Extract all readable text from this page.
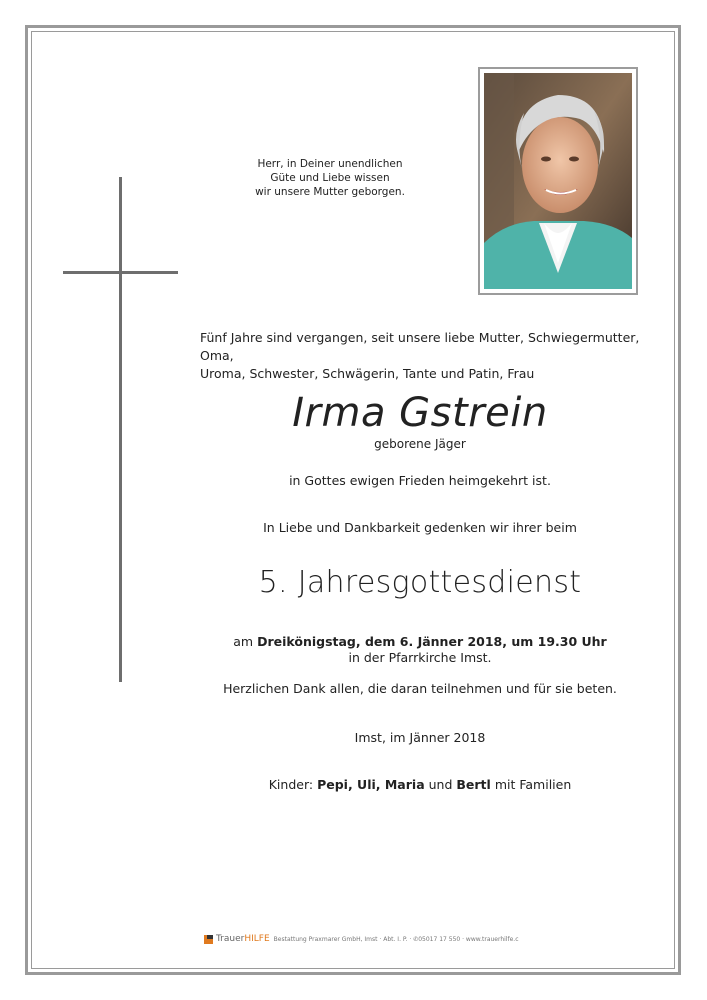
Herr, in Deiner unendlichen
Güte und Liebe wissen
wir unsere Mutter geborgen.
Fünf Jahre sind vergangen, seit unsere liebe Mutter, Schwiegermutter, Oma,
Uroma, Schwester, Schwägerin, Tante und Patin, Frau
Irma Gstrein
geborene Jäger
in Gottes ewigen Frieden heimgekehrt ist.
In Liebe und Dankbarkeit gedenken wir ihrer beim
5. Jahresgottesdienst
am Dreikönigstag, dem 6. Jänner 2018, um 19.30 Uhr
in der Pfarrkirche Imst.
Herzlichen Dank allen, die daran teilnehmen und für sie beten.
Imst, im Jänner 2018
Kinder: Pepi, Uli, Maria und Bertl mit Familien
Trauer HILFE Bestattung Praxmarer GmbH, Imst · Abt. I. P. · ✆05017 17 550 · www.trauerhilfe.c
